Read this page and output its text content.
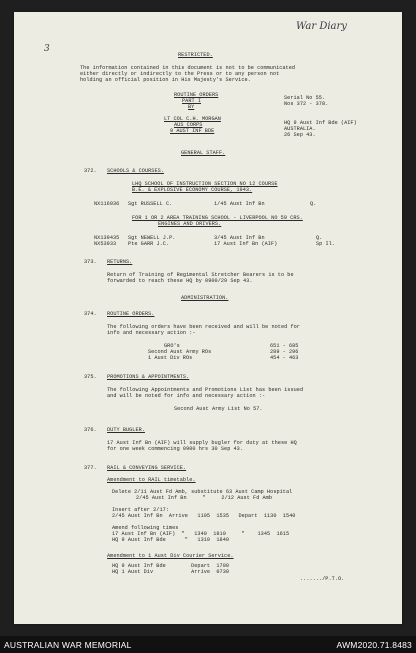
War Diary
3
RESTRICTED.
The information contained in this document is not to be communicated
either directly or indirectly to the Press or to any person not
holding an official position in His Majesty's Service.
ROUTINE ORDERS
PART I
BY
Serial No 55.
Nos 372 - 378.
LT COL C.H. MORGAN
AUS CORPS
9 AUST INF BDE
HQ 9 Aust Inf Bde (AIF)
AUSTRALIA.
26 Sep 43.
GENERAL STAFF.
372. SCHOOLS & COURSES.
LHQ SCHOOL OF INSTRUCTION SECTION NO 12 COURSE
B.E. & EXPLOSIVE ECONOMY COURSE, 1943.
NX116936 Sgt RUSSELL C.	1/45 Aust Inf Bn	Q.
FOR 1 OR 2 AREA TRAINING SCHOOL - LIVERPOOL NO 59 CRS.
ENGINES AND DRIVERS.
NX139435 Sgt NEWELL J.P.	3/45 Aust Inf Bn	Q.
NX53933 Pte GARR J.C.	17 Aust Inf Bn (AIF)	Sp Il.
373. RETURNS.
Return of Training of Regimental Stretcher Bearers is to be
forwarded to reach these HQ by 0900/29 Sep 43.
ADMINISTRATION.
374. ROUTINE ORDERS.
The following orders have been received and will be noted for
info and necessary action :-
GRO's	651 - 685
Second Aust Army ROs	289 - 296
1 Aust Div ROs	454 - 463
375. PROMOTIONS & APPOINTMENTS.
The following Appointments and Promotions List has been issued
and will be noted for info and necessary action :-
Second Aust Army List No 57.
376. DUTY BUGLER.
17 Aust Inf Bn (AIF) will supply bugler for duty at these HQ
for one week commencing 0900 hrs 30 Sep 43.
377. RAIL & CONVEYING SERVICE.
Amendment to RAIL timetable.
Delete 2/11 Aust Fd Amb, substitute 63 Aust Camp Hospital
2/45 Aust Inf Bn     "     2/12 Aust Fd Amb
Insert after 2/17:
2/45 Aust Inf Bn  Arrive   1105  1535   Depart  1130  1540
Amend following times
17 Aust Inf Bn (AIF)  "   1340  1810     "    1345  1615
HQ 9 Aust Inf Bde      "   1310  1840
Amendment to 1 Aust Div Courier Service.
HQ 9 Aust Inf Bde        Depart  1700
HQ 1 Aust Div            Arrive  0730
......./P.T.O.
AUSTRALIAN WAR MEMORIAL	AWM2020.71.8483
